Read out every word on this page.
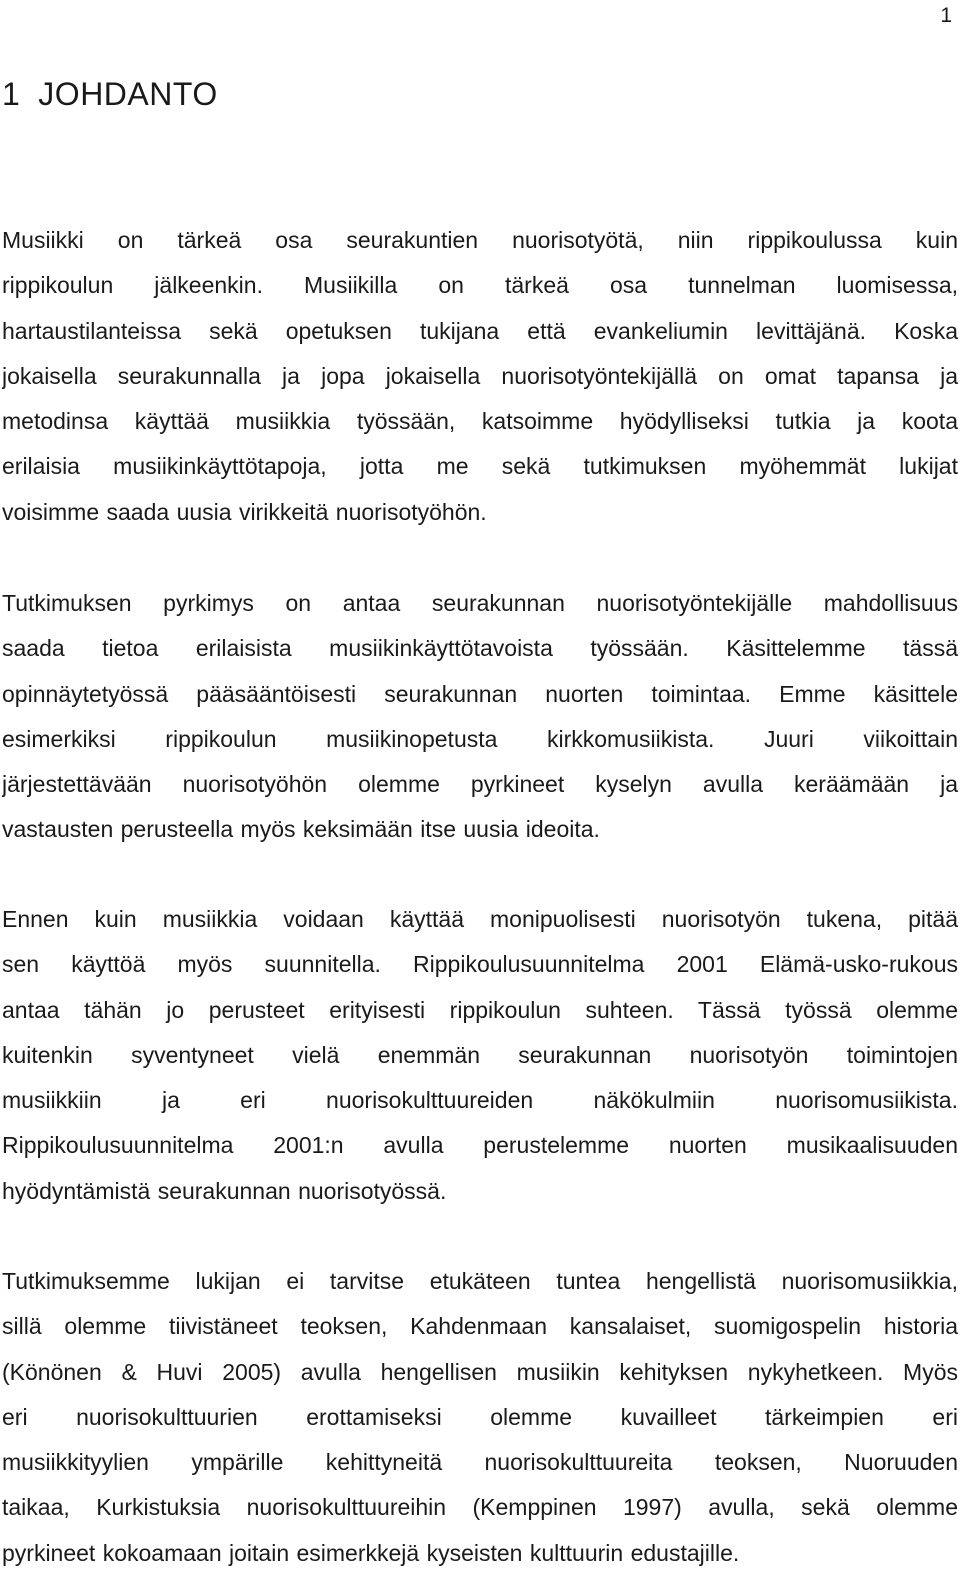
1
1 JOHDANTO

Musiikki on tärkeä osa seurakuntien nuorisotyötä, niin rippikoulussa kuin
rippikoulun jälkeenkin. Musiikilla on tärkeä osa tunnelman luomisessa,
hartaustilanteissa sekä opetuksen tukijana että evankeliumin levittäjänä. Koska
jokaisella seurakunnalla ja jopa jokaisella nuorisotyöntekijällä on omat tapansa ja
metodinsa käyttää musiikkia työssään, katsoimme hyödylliseksi tutkia ja koota
erilaisia musiikinkäyttötapoja, jotta me sekä tutkimuksen myöhemmät lukijat
voisimme saada uusia virikkeitä nuorisotyöhön.

Tutkimuksen pyrkimys on antaa seurakunnan nuorisotyöntekijälle mahdollisuus
saada tietoa erilaisista musiikinkäyttötavoista työssään. Käsittelemme tässä
opinnäytetyössä pääsääntöisesti seurakunnan nuorten toimintaa. Emme käsittele
esimerkiksi rippikoulun musiikinopetusta kirkkomusiikista. Juuri viikoittain
järjestettävään nuorisotyöhön olemme pyrkineet kyselyn avulla keräämään ja
vastausten perusteella myös keksimään itse uusia ideoita.

Ennen kuin musiikkia voidaan käyttää monipuolisesti nuorisotyön tukena, pitää
sen käyttöä myös suunnitella. Rippikoulusuunnitelma 2001 Elämä-usko-rukous
antaa tähän jo perusteet erityisesti rippikoulun suhteen. Tässä työssä olemme
kuitenkin syventyneet vielä enemmän seurakunnan nuorisotyön toimintojen
musiikkiin ja eri nuorisokulttuureiden näkökulmiin nuorisomusiikista.
Rippikoulusuunnitelma 2001:n avulla perustelemme nuorten musikaalisuuden
hyödyntämistä seurakunnan nuorisotyössä.

Tutkimuksemme lukijan ei tarvitse etukäteen tuntea hengellistä nuorisomusiikkia,
sillä olemme tiivistäneet teoksen, Kahdenmaan kansalaiset, suomigospelin historia
(Könönen & Huvi 2005) avulla hengellisen musiikin kehityksen nykyhetkeen. Myös
eri nuorisokulttuurien erottamiseksi olemme kuvailleet tärkeimpien eri
musiikkityylien ympärille kehittyneitä nuorisokulttuureita teoksen, Nuoruuden
taikaa, Kurkistuksia nuorisokulttuureihin (Kemppinen 1997) avulla, sekä olemme
pyrkineet kokoamaan joitain esimerkkejä kyseisten kulttuurin edustajille.
